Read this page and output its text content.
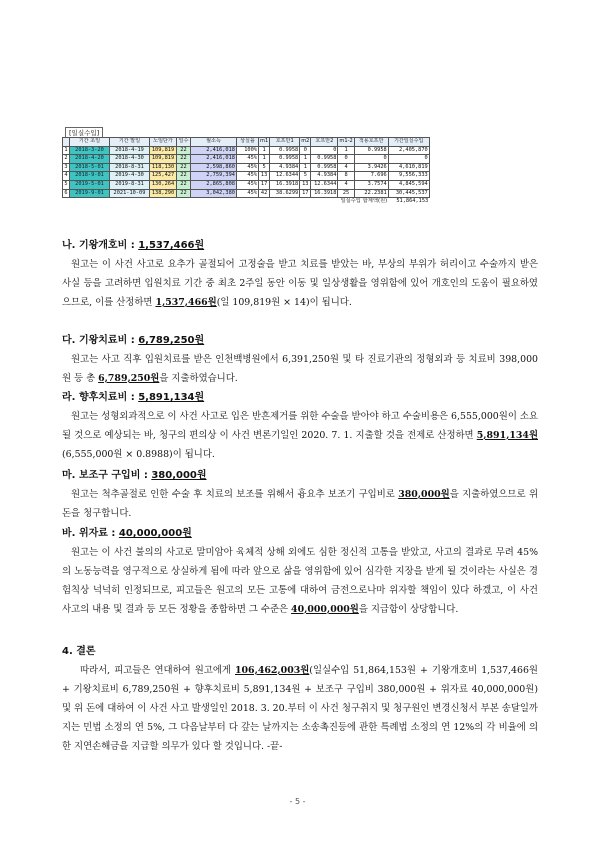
[일실수입]
	기간 초일	기간 말일	노임단가	일수	월소득	상실률	m1	호프만1	m2	호프만2	m1-2	적용호프만	기간일실수입
1	2018-3-20	2018-4-19	109,819	22	2,416,018	100%	1	0.9958	0	0	1	0.9958	2,405,870
2	2018-4-20	2018-4-30	109,819	22	2,416,018	45%	1	0.9958	1	0.9958	0	0	0
3	2018-5-01	2018-8-31	118,130	22	2,598,860	45%	5	4.9384	1	0.9958	4	3.9426	4,610,819
4	2018-9-01	2019-4-30	125,427	22	2,759,394	45%	13	12.6344	5	4.9384	8	7.696	9,556,333
5	2019-5-01	2019-8-31	130,264	22	2,865,808	45%	17	16.3918	13	12.6344	4	3.7574	4,845,594
6	2019-9-01	2021-10-09	138,290	22	3,042,380	45%	42	38.6299	17	16.3918	25	22.2381	30,445,537
일실수입 합계액(원)													51,864,153
나. 기왕개호비 : 1,537,466원
원고는 이 사건 사고로 요추가 골절되어 고정술을 받고 치료를 받았는 바, 부상의 부위가 허리이고 수술까지 받은 사실 등을 고려하면 입원치료 기간 중 최초 2주일 동안 이동 및 일상생활을 영위함에 있어 개호인의 도움이 필요하였으므로, 이를 산정하면 1,537,466원(일 109,819원 × 14)이 됩니다.
다. 기왕치료비 : 6,789,250원
원고는 사고 직후 입원치료를 받은 인천백병원에서 6,391,250원 및 타 진료기관의 정형외과 등 치료비 398,000원 등 총 6,789,250원을 지출하였습니다.
라. 향후치료비 : 5,891,134원
원고는 성형외과적으로 이 사건 사고로 입은 반흔제거를 위한 수술을 받아야 하고 수술비용은 6,555,000원이 소요될 것으로 예상되는 바, 청구의 편의상 이 사건 변론기일인 2020. 7. 1. 지출할 것을 전제로 산정하면 5,891,134원(6,555,000원 × 0.8988)이 됩니다.
마. 보조구 구입비 : 380,000원
원고는 척추골절로 인한 수술 후 치료의 보조를 위해서 흉요추 보조기 구입비로 380,000원을 지출하였으므로 위 돈을 청구합니다.
바. 위자료 : 40,000,000원
원고는 이 사건 불의의 사고로 말미암아 육체적 상해 외에도 심한 정신적 고통을 받았고, 사고의 결과로 무려 45%의 노동능력을 영구적으로 상실하게 됨에 따라 앞으로 삶을 영위함에 있어 심각한 지장을 받게 될 것이라는 사실은 경험칙상 넉넉히 인정되므로, 피고들은 원고의 모든 고통에 대하여 금전으로나마 위자할 책임이 있다 하겠고, 이 사건 사고의 내용 및 결과 등 모든 정황을 종합하면 그 수준은 40,000,000원을 지급함이 상당합니다.
4. 결론
따라서, 피고들은 연대하여 원고에게 106,462,003원(일실수입 51,864,153원 + 기왕개호비 1,537,466원 + 기왕치료비 6,789,250원 + 향후치료비 5,891,134원 + 보조구 구입비 380,000원 + 위자료 40,000,000원)및 위 돈에 대하여 이 사건 사고 발생일인 2018. 3. 20.부터 이 사건 청구취지 및 청구원인 변경신청서 부본 송달일까지는 민법 소정의 연 5%, 그 다음날부터 다 갚는 날까지는 소송촉진등에 관한 특례법 소정의 연 12%의 각 비율에 의한 지연손해금을 지급할 의무가 있다 할 것입니다. -끝-
- 5 -
